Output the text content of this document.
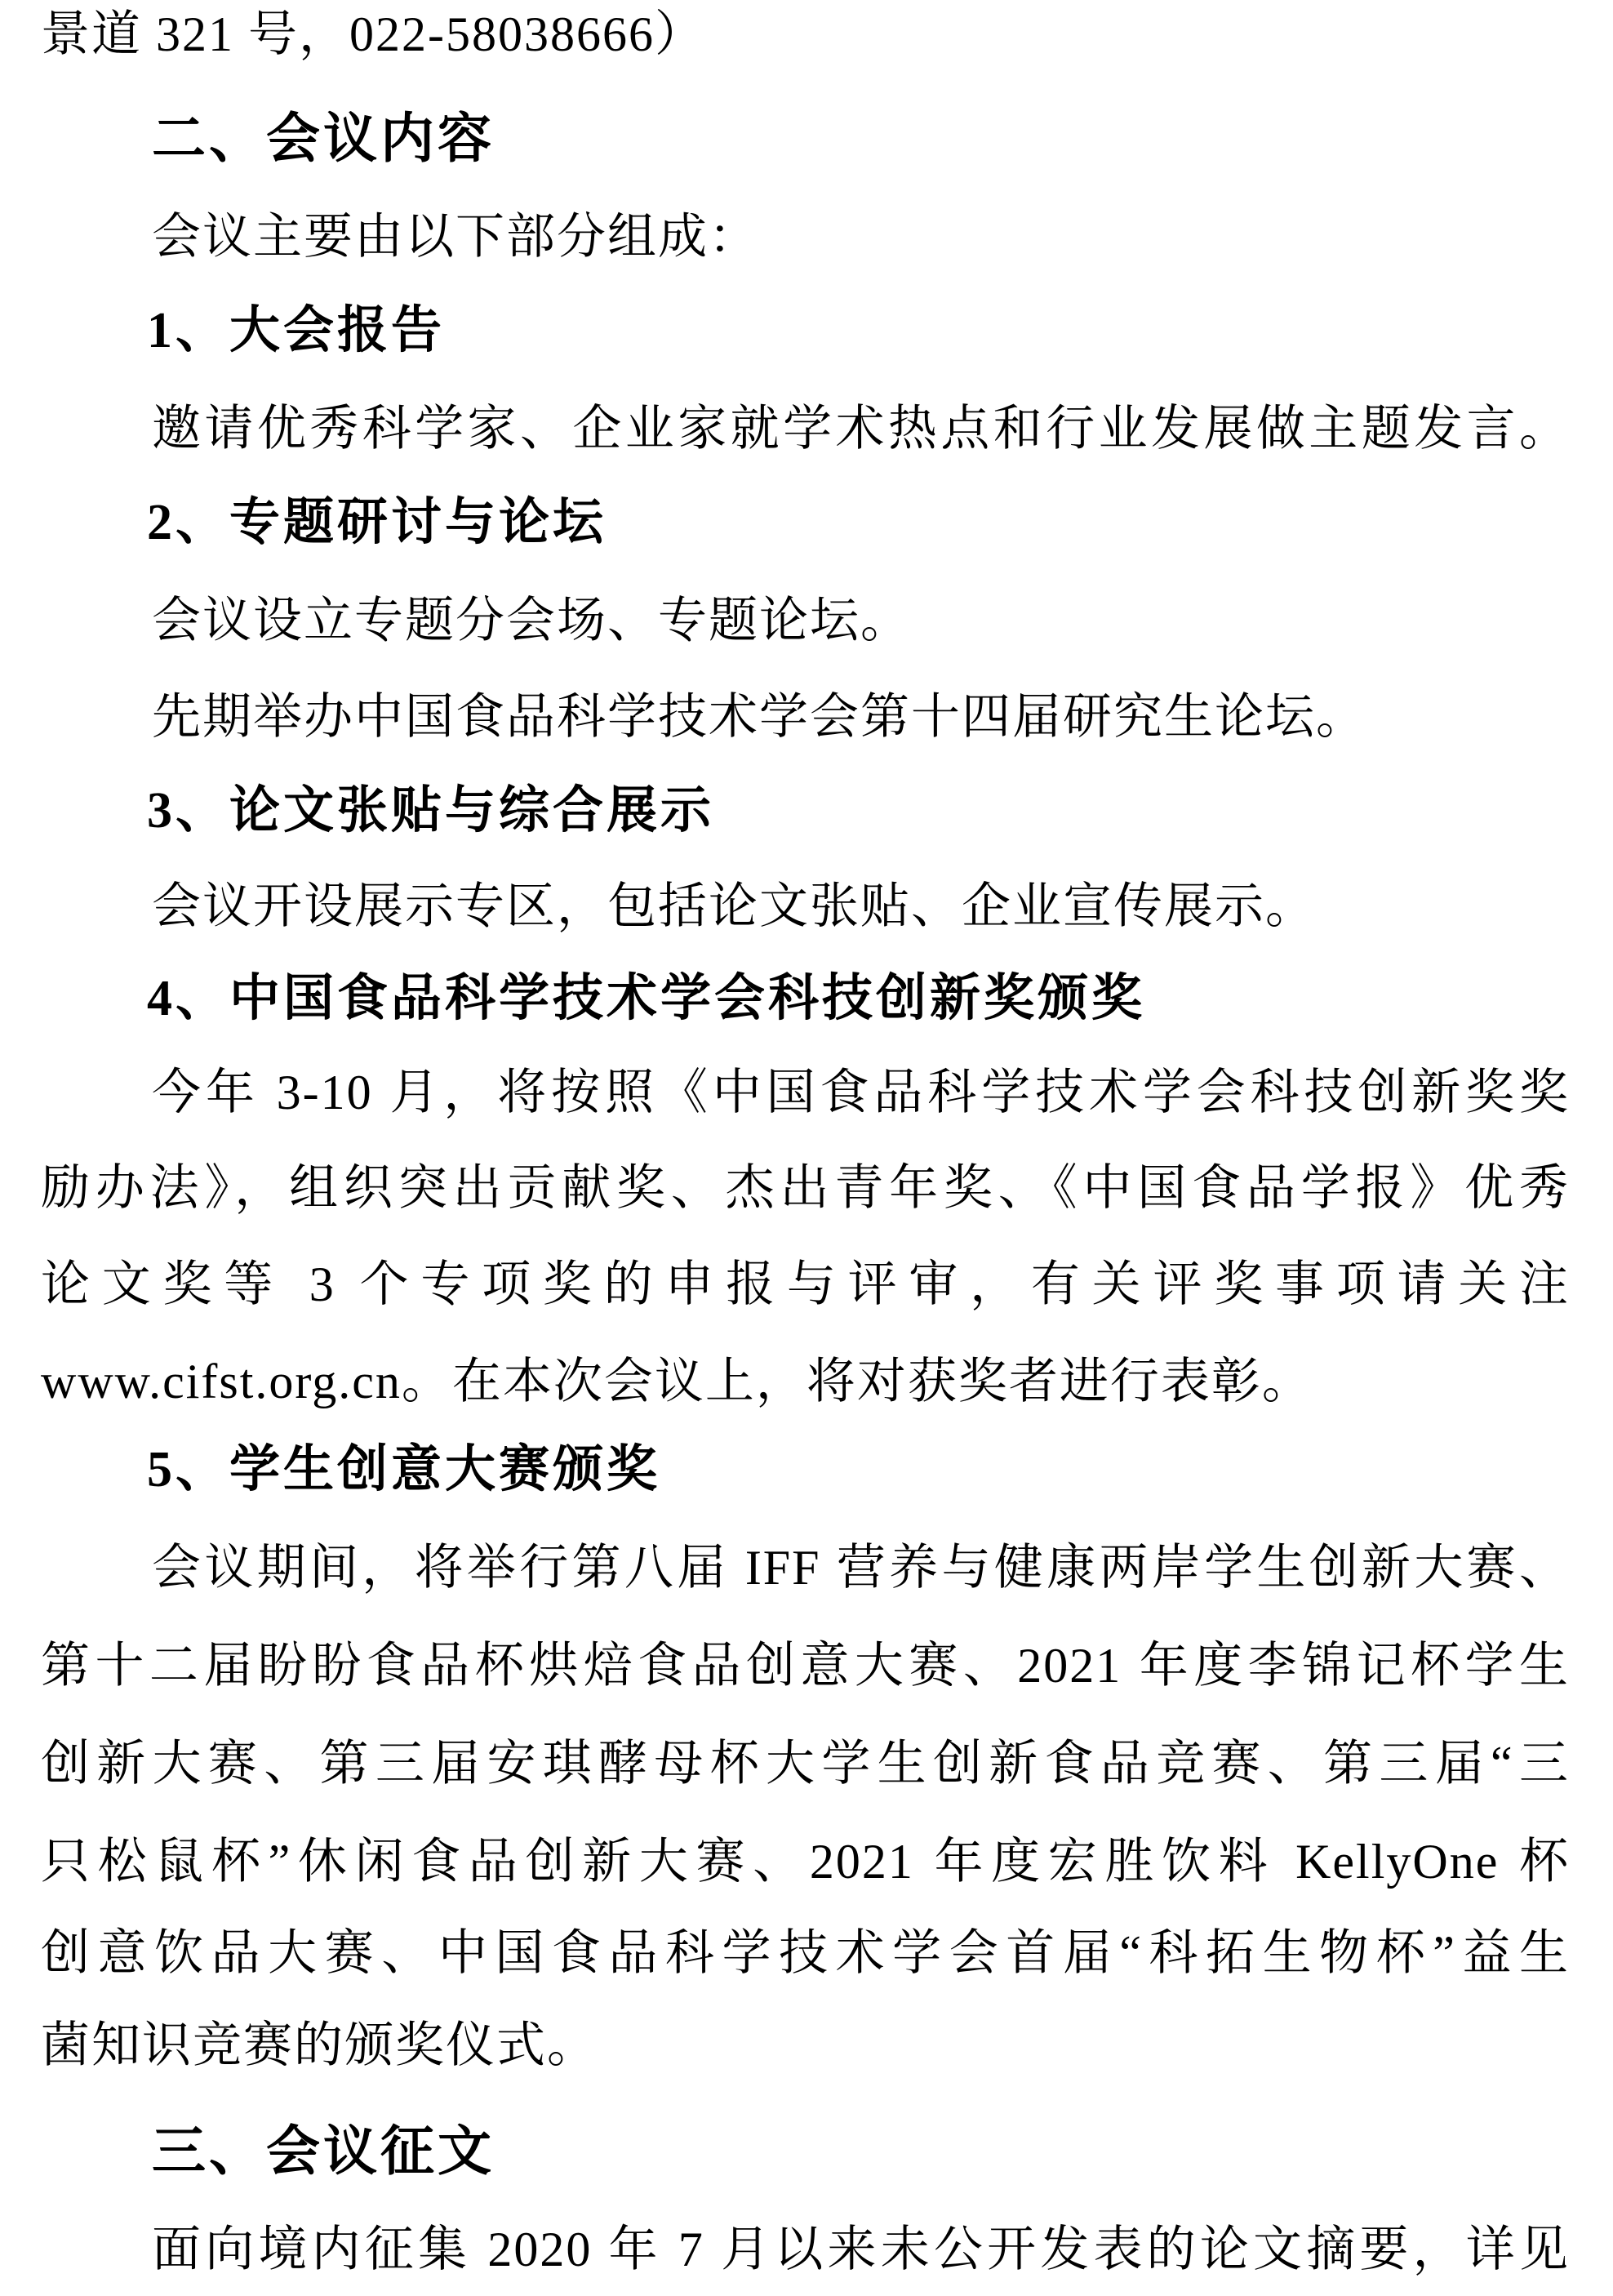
景道 321 号，022-58038666）
二、会议内容
会议主要由以下部分组成：
1、大会报告
邀请优秀科学家、企业家就学术热点和行业发展做主题发言。
2、专题研讨与论坛
会议设立专题分会场、专题论坛。
先期举办中国食品科学技术学会第十四届研究生论坛。
3、论文张贴与综合展示
会议开设展示专区，包括论文张贴、企业宣传展示。
4、中国食品科学技术学会科技创新奖颁奖
今年 3-10 月，将按照《中国食品科学技术学会科技创新奖奖
励办法》，组织突出贡献奖、杰出青年奖、《中国食品学报》优秀
论文奖等 3 个专项奖的申报与评审，有关评奖事项请关注
www.cifst.org.cn。在本次会议上，将对获奖者进行表彰。
5、学生创意大赛颁奖
会议期间，将举行第八届 IFF 营养与健康两岸学生创新大赛、
第十二届盼盼食品杯烘焙食品创意大赛、2021 年度李锦记杯学生
创新大赛、第三届安琪酵母杯大学生创新食品竞赛、第三届“三
只松鼠杯”休闲食品创新大赛、2021 年度宏胜饮料 KellyOne 杯
创意饮品大赛、中国食品科学技术学会首届“科拓生物杯”益生
菌知识竞赛的颁奖仪式。
三、会议征文
面向境内征集 2020 年 7 月以来未公开发表的论文摘要，详见
